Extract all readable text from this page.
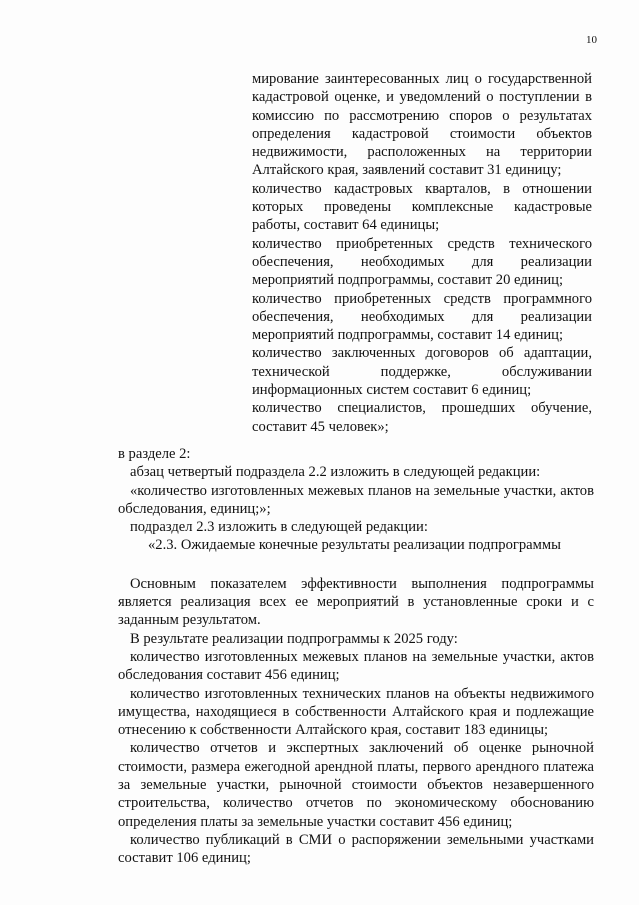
10

мирование заинтересованных лиц о государственной кадастровой оценке, и уведомлений о поступлении в комиссию по рассмотрению споров о результатах определения кадастровой стоимости объектов недвижимости, расположенных на территории Алтайского края, заявлений составит 31 единицу;

количество кадастровых кварталов, в отношении которых проведены комплексные кадастровые работы, составит 64 единицы;

количество приобретенных средств технического обеспечения, необходимых для реализации мероприятий подпрограммы, составит 20 единиц;

количество приобретенных средств программного обеспечения, необходимых для реализации мероприятий подпрограммы, составит 14 единиц;

количество заключенных договоров об адаптации, технической поддержке, обслуживании информационных систем составит 6 единиц;

количество специалистов, прошедших обучение, составит 45 человек»;

в разделе 2:

абзац четвертый подраздела 2.2 изложить в следующей редакции:

«количество изготовленных межевых планов на земельные участки, актов обследования, единиц;»;

подраздел 2.3 изложить в следующей редакции:

«2.3. Ожидаемые конечные результаты реализации подпрограммы

Основным показателем эффективности выполнения подпрограммы является реализация всех ее мероприятий в установленные сроки и с заданным результатом.

В результате реализации подпрограммы к 2025 году:

количество изготовленных межевых планов на земельные участки, актов обследования составит 456 единиц;

количество изготовленных технических планов на объекты недвижимого имущества, находящиеся в собственности Алтайского края и подлежащие отнесению к собственности Алтайского края, составит 183 единицы;

количество отчетов и экспертных заключений об оценке рыночной стоимости, размера ежегодной арендной платы, первого арендного платежа за земельные участки, рыночной стоимости объектов незавершенного строительства, количество отчетов по экономическому обоснованию определения платы за земельные участки составит 456 единиц;

количество публикаций в СМИ о распоряжении земельными участками составит 106 единиц;
